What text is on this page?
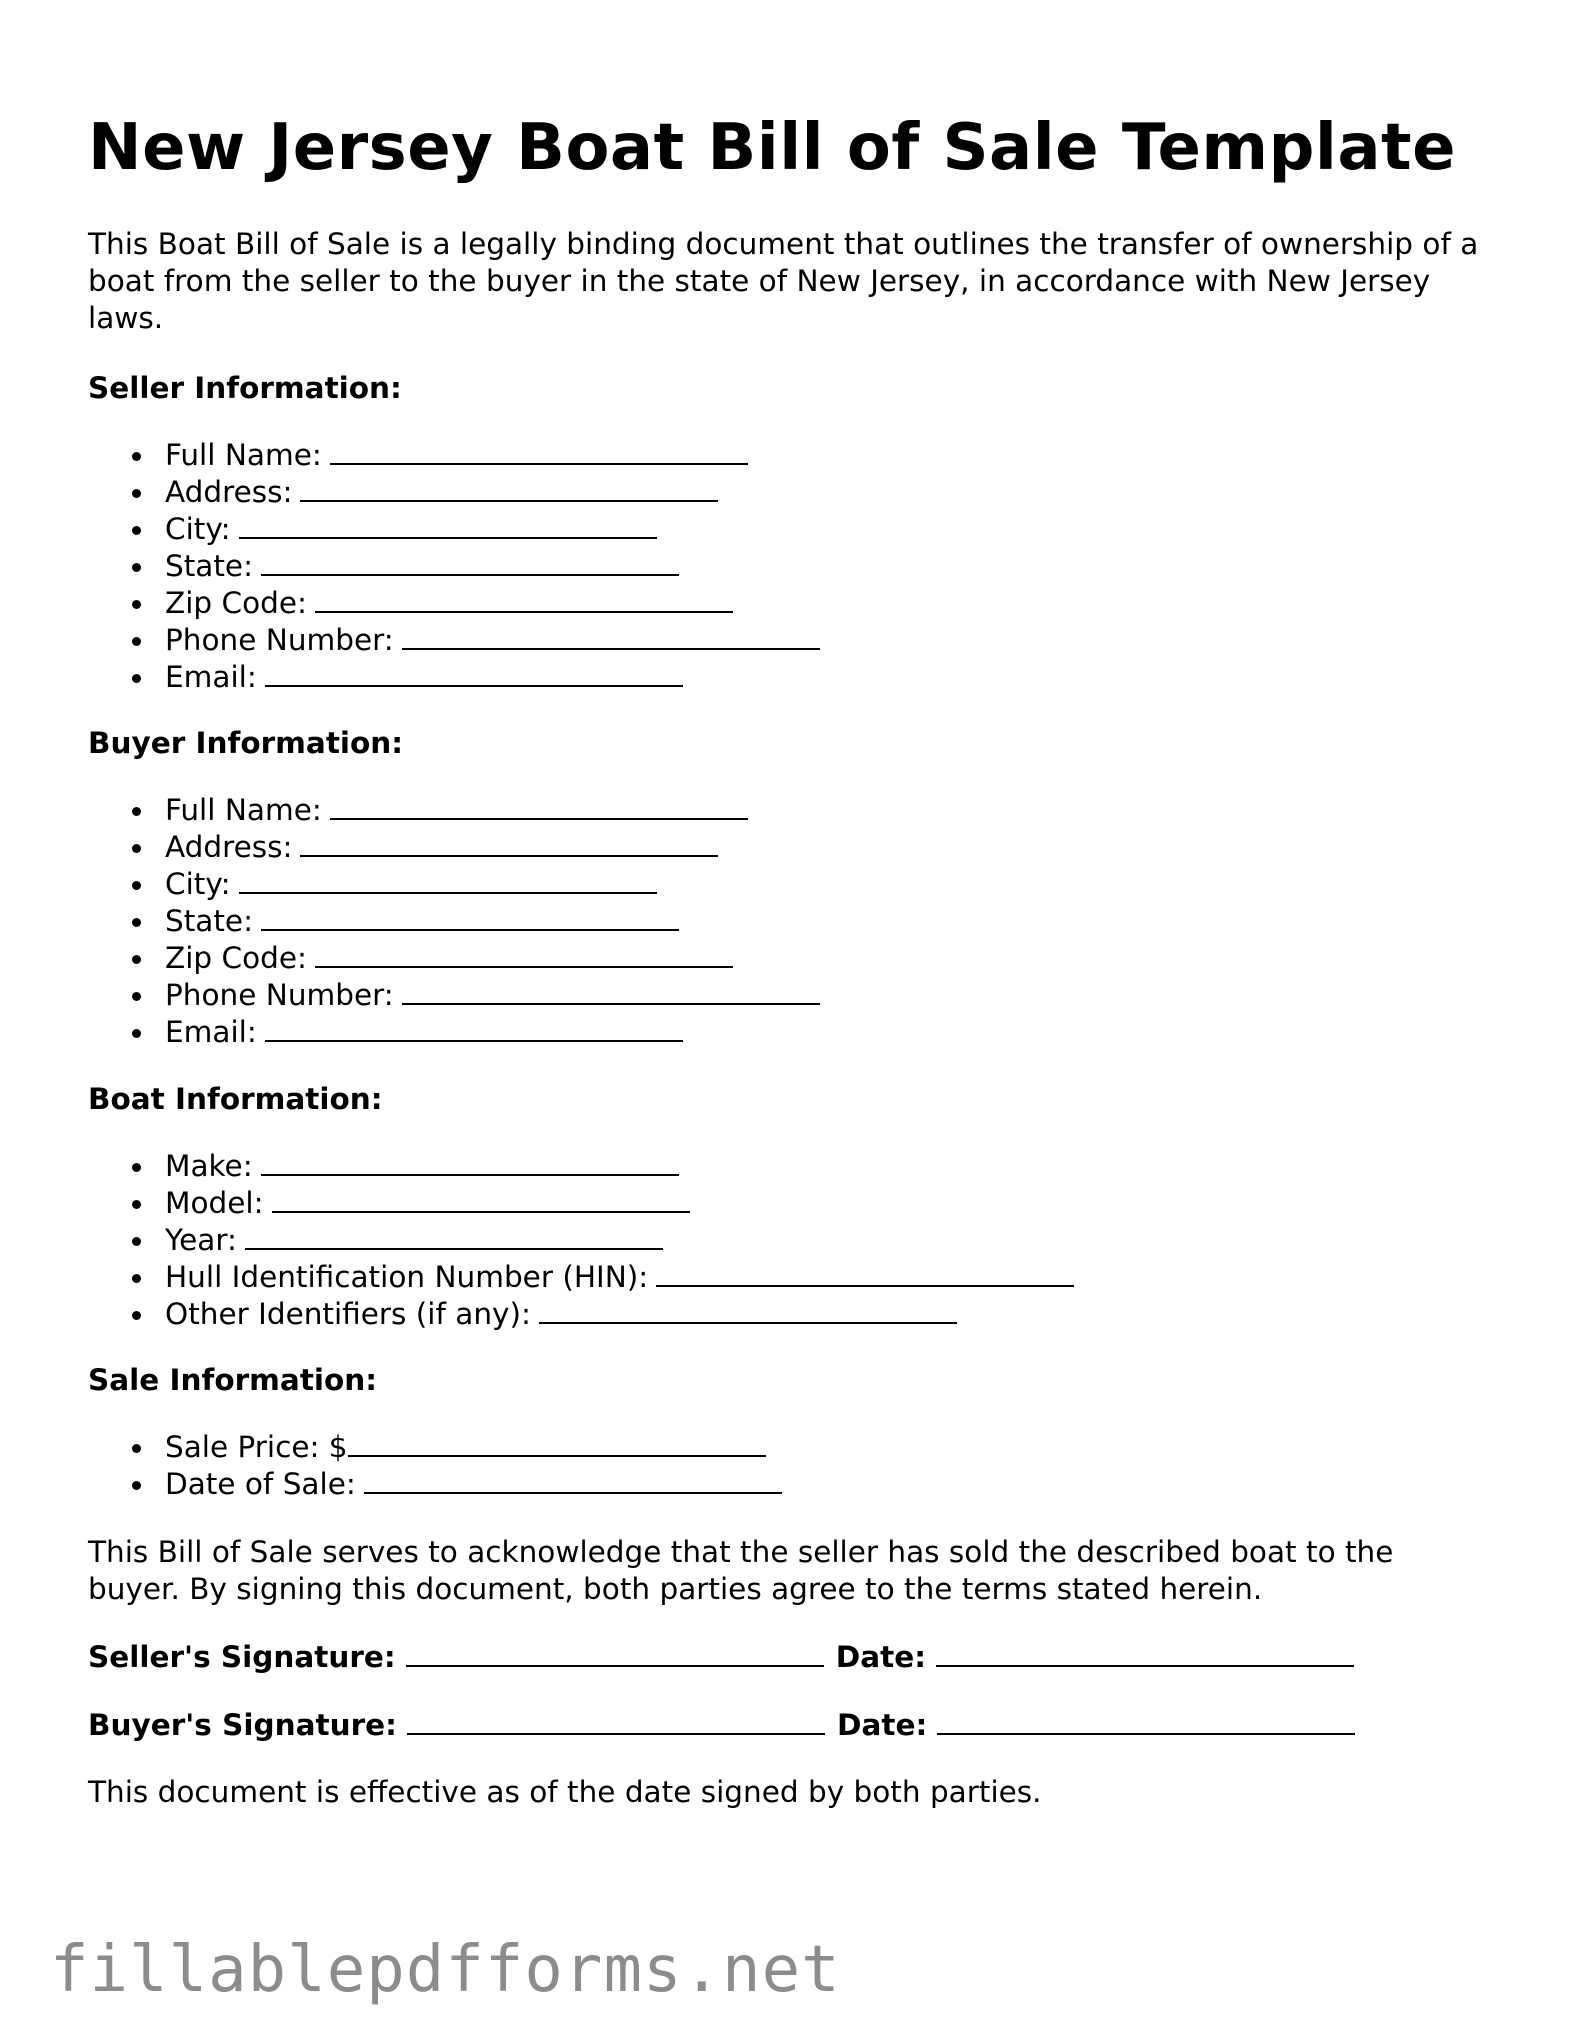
New Jersey Boat Bill of Sale Template

This Boat Bill of Sale is a legally binding document that outlines the transfer of ownership of a boat from the seller to the buyer in the state of New Jersey, in accordance with New Jersey laws.

Seller Information:

Full Name:
Address:
City:
State:
Zip Code:
Phone Number:
Email:

Buyer Information:

Full Name:
Address:
City:
State:
Zip Code:
Phone Number:
Email:

Boat Information:

Make:
Model:
Year:
Hull Identification Number (HIN):
Other Identifiers (if any):

Sale Information:

Sale Price: $
Date of Sale:

This Bill of Sale serves to acknowledge that the seller has sold the described boat to the buyer. By signing this document, both parties agree to the terms stated herein.

Seller's Signature:	Date:

Buyer's Signature:	Date:

This document is effective as of the date signed by both parties.

fillablepdfforms.net
